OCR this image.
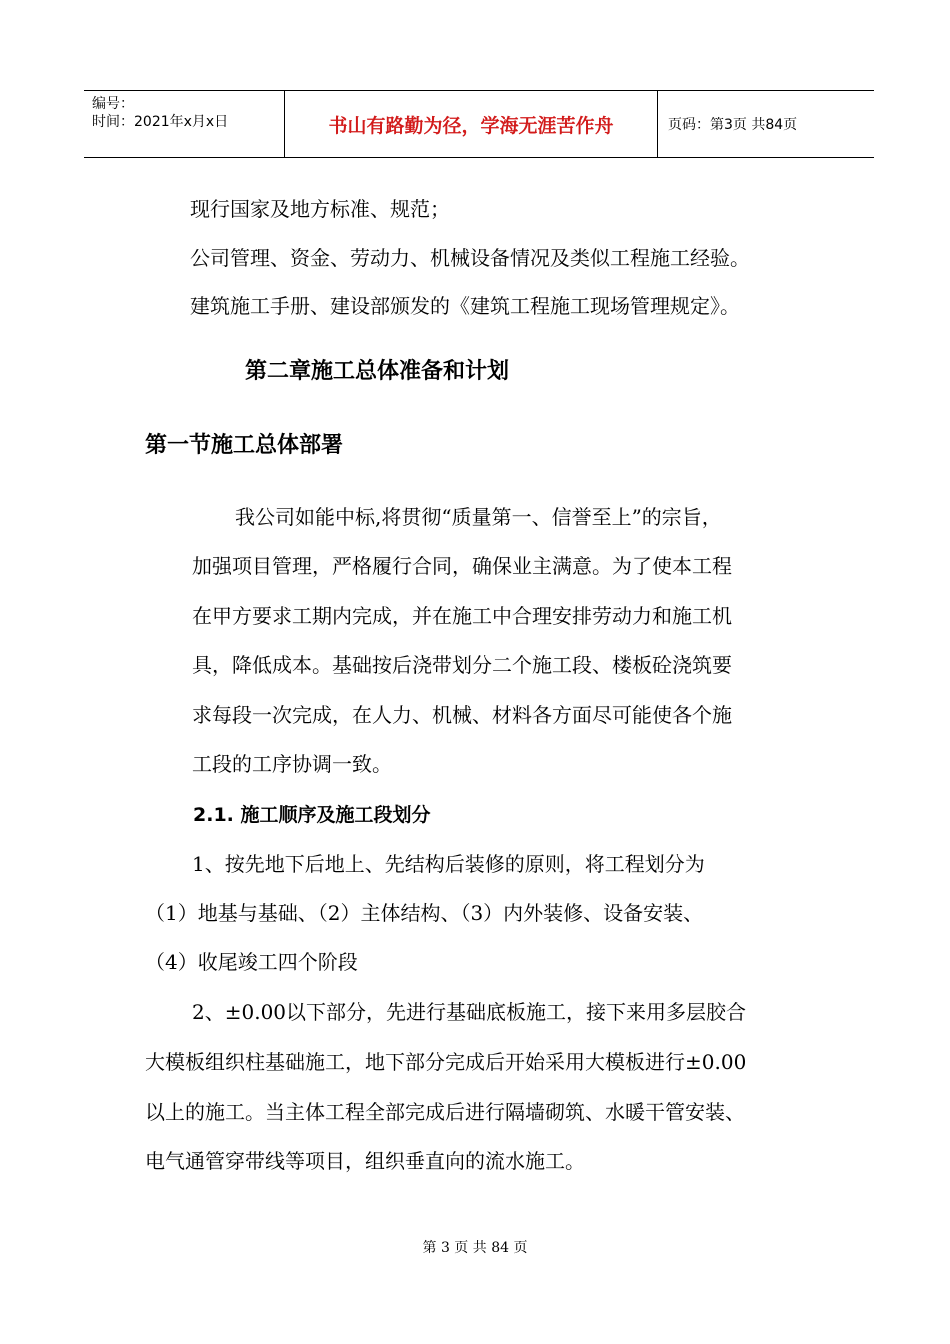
编号：
时间：2021年x月x日	书山有路勤为径，学海无涯苦作舟	页码：第3页 共84页
现行国家及地方标准、规范；
公司管理、资金、劳动力、机械设备情况及类似工程施工经验。
建筑施工手册、建设部颁发的《建筑工程施工现场管理规定》。
第二章施工总体准备和计划
第一节施工总体部署
我公司如能中标,将贯彻“质量第一、信誉至上”的宗旨，
加强项目管理，严格履行合同，确保业主满意。为了使本工程
在甲方要求工期内完成，并在施工中合理安排劳动力和施工机
具，降低成本。基础按后浇带划分二个施工段、楼板砼浇筑要
求每段一次完成，在人力、机械、材料各方面尽可能使各个施
工段的工序协调一致。
2.1. 施工顺序及施工段划分
1、按先地下后地上、先结构后装修的原则，将工程划分为
（1）地基与基础、（2）主体结构、（3）内外装修、设备安装、
（4）收尾竣工四个阶段
2、±0.00以下部分，先进行基础底板施工，接下来用多层胶合
大模板组织柱基础施工，地下部分完成后开始采用大模板进行±0.00
以上的施工。当主体工程全部完成后进行隔墙砌筑、水暖干管安装、
电气通管穿带线等项目，组织垂直向的流水施工。
第 3 页 共 84 页
